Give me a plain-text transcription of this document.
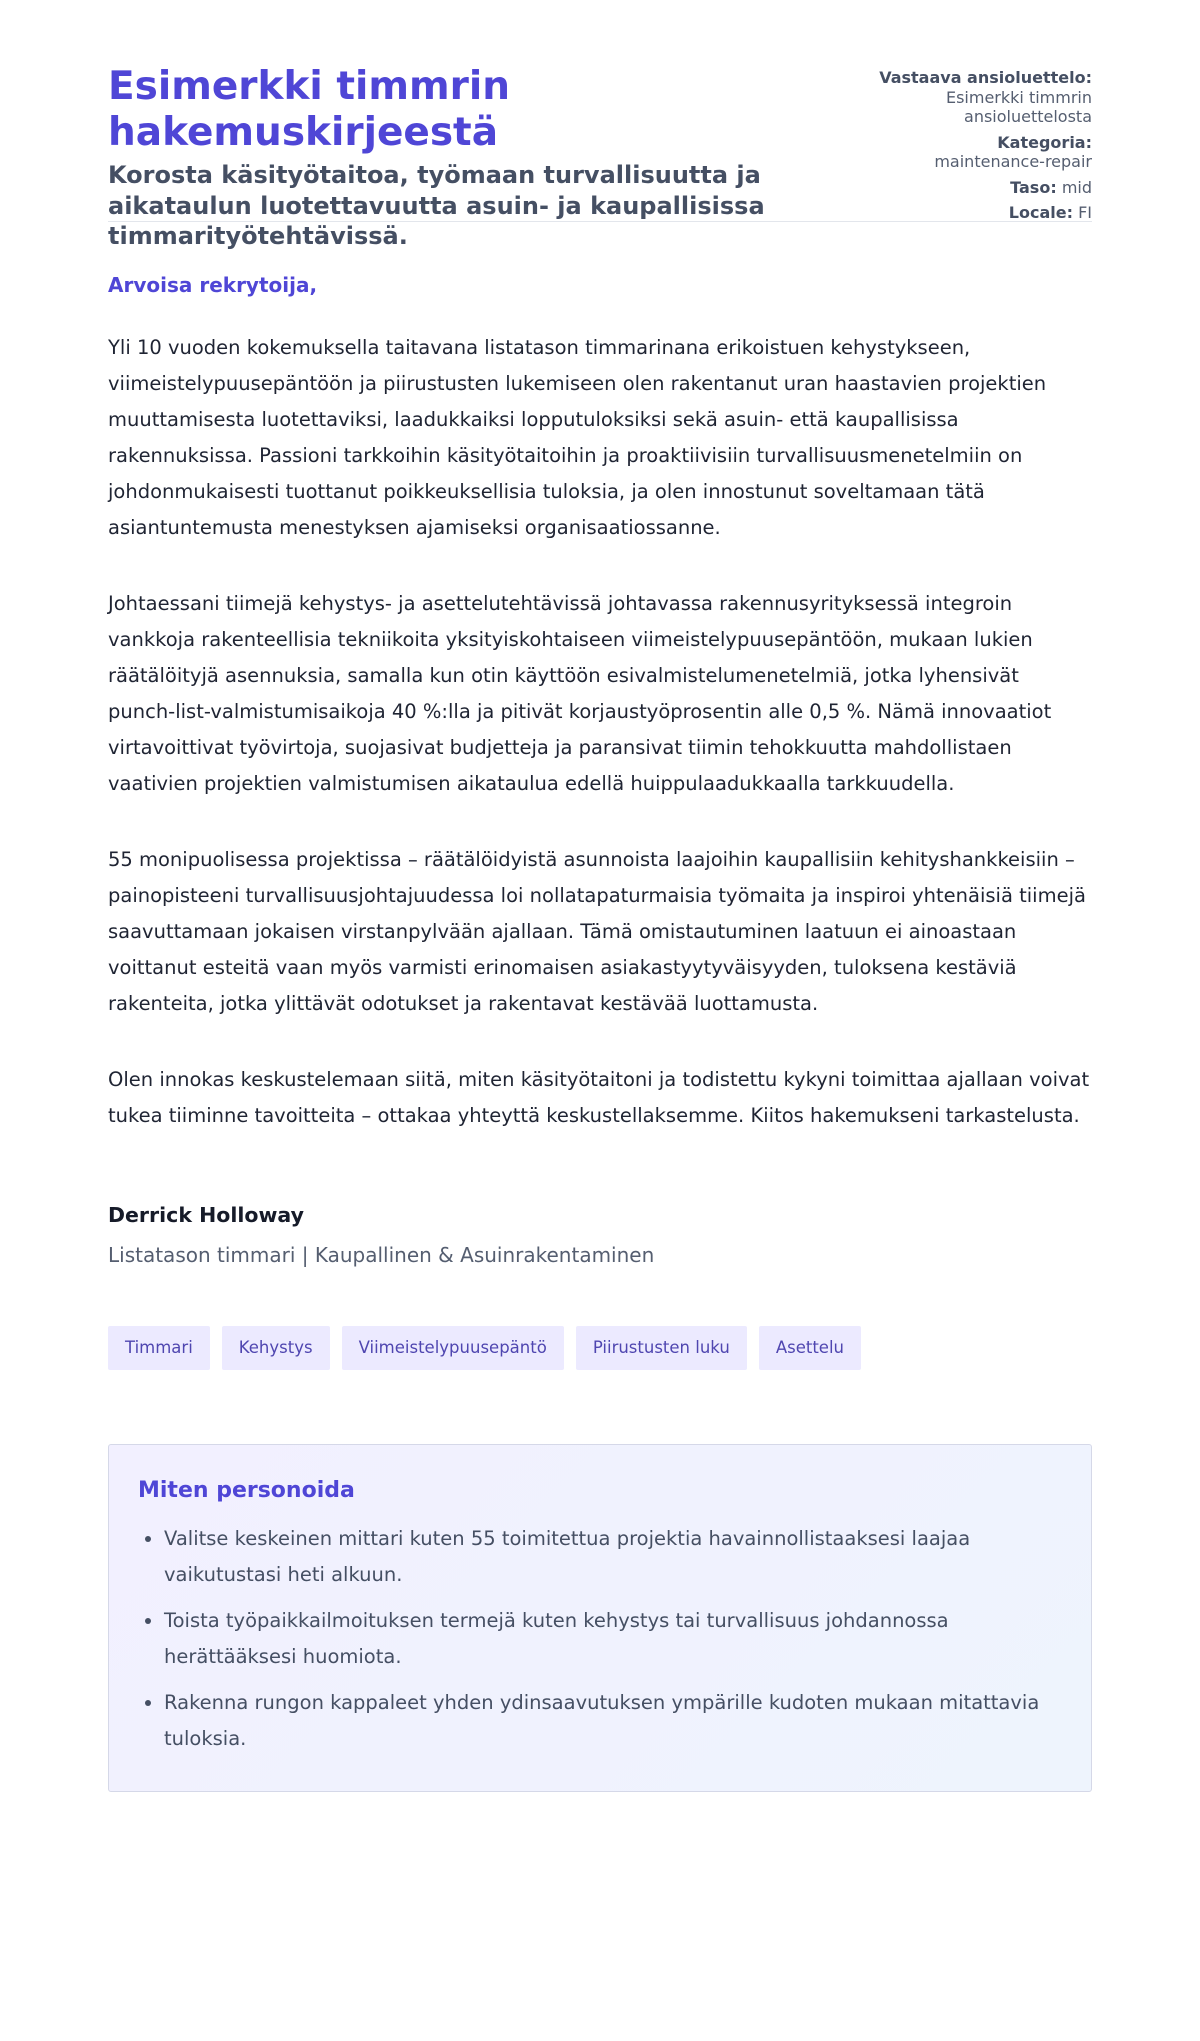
Esimerkki timmrin hakemuskirjeestä
Korosta käsityötaitoa, työmaan turvallisuutta ja aikataulun luotettavuutta asuin- ja kaupallisissa timmarityötehtävissä.
Vastaava ansioluettelo: Esimerkki timmrin ansioluettelosta
Kategoria:
maintenance-repair
Taso: mid
Locale: FI

Arvoisa rekrytoija,

Yli 10 vuoden kokemuksella taitavana listatason timmarinana erikoistuen kehystykseen, viimeistelypuusepäntöön ja piirustusten lukemiseen olen rakentanut uran haastavien projektien muuttamisesta luotettaviksi, laadukkaiksi lopputuloksiksi sekä asuin- että kaupallisissa rakennuksissa. Passioni tarkkoihin käsityötaitoihin ja proaktiivisiin turvallisuusmenetelmiin on johdonmukaisesti tuottanut poikkeuksellisia tuloksia, ja olen innostunut soveltamaan tätä asiantuntemusta menestyksen ajamiseksi organisaatiossanne.

Johtaessani tiimejä kehystys- ja asettelutehtävissä johtavassa rakennusyrityksessä integroin vankkoja rakenteellisia tekniikoita yksityiskohtaiseen viimeistelypuusepäntöön, mukaan lukien räätälöityjä asennuksia, samalla kun otin käyttöön esivalmistelumenetelmiä, jotka lyhensivät punch-list-valmistumisaikoja 40 %:lla ja pitivät korjaustyöprosentin alle 0,5 %. Nämä innovaatiot virtavoittivat työvirtoja, suojasivat budjetteja ja paransivat tiimin tehokkuutta mahdollistaen vaativien projektien valmistumisen aikataulua edellä huippulaadukkaalla tarkkuudella.

55 monipuolisessa projektissa – räätälöidyistä asunnoista laajoihin kaupallisiin kehityshankkeisiin – painopisteeni turvallisuusjohtajuudessa loi nollatapaturmaisia työmaita ja inspiroi yhtenäisiä tiimejä saavuttamaan jokaisen virstanpylvään ajallaan. Tämä omistautuminen laatuun ei ainoastaan voittanut esteitä vaan myös varmisti erinomaisen asiakastyytyväisyyden, tuloksena kestäviä rakenteita, jotka ylittävät odotukset ja rakentavat kestävää luottamusta.

Olen innokas keskustelemaan siitä, miten käsityötaitoni ja todistettu kykyni toimittaa ajallaan voivat tukea tiiminne tavoitteita – ottakaa yhteyttä keskustellaksemme. Kiitos hakemukseni tarkastelusta.

Derrick Holloway
Listatason timmari | Kaupallinen & Asuinrakentaminen
Timmari	Kehystys	Viimeistelypuusepäntö	Piirustusten luku	Asettelu
Miten personoida
• Valitse keskeinen mittari kuten 55 toimitettua projektia havainnollistaaksesi laajaa vaikutustasi heti alkuun.
• Toista työpaikkailmoituksen termejä kuten kehystys tai turvallisuus johdannossa herättääksesi huomiota.
• Rakenna rungon kappaleet yhden ydinsaavutuksen ympärille kudoten mukaan mitattavia tuloksia.
